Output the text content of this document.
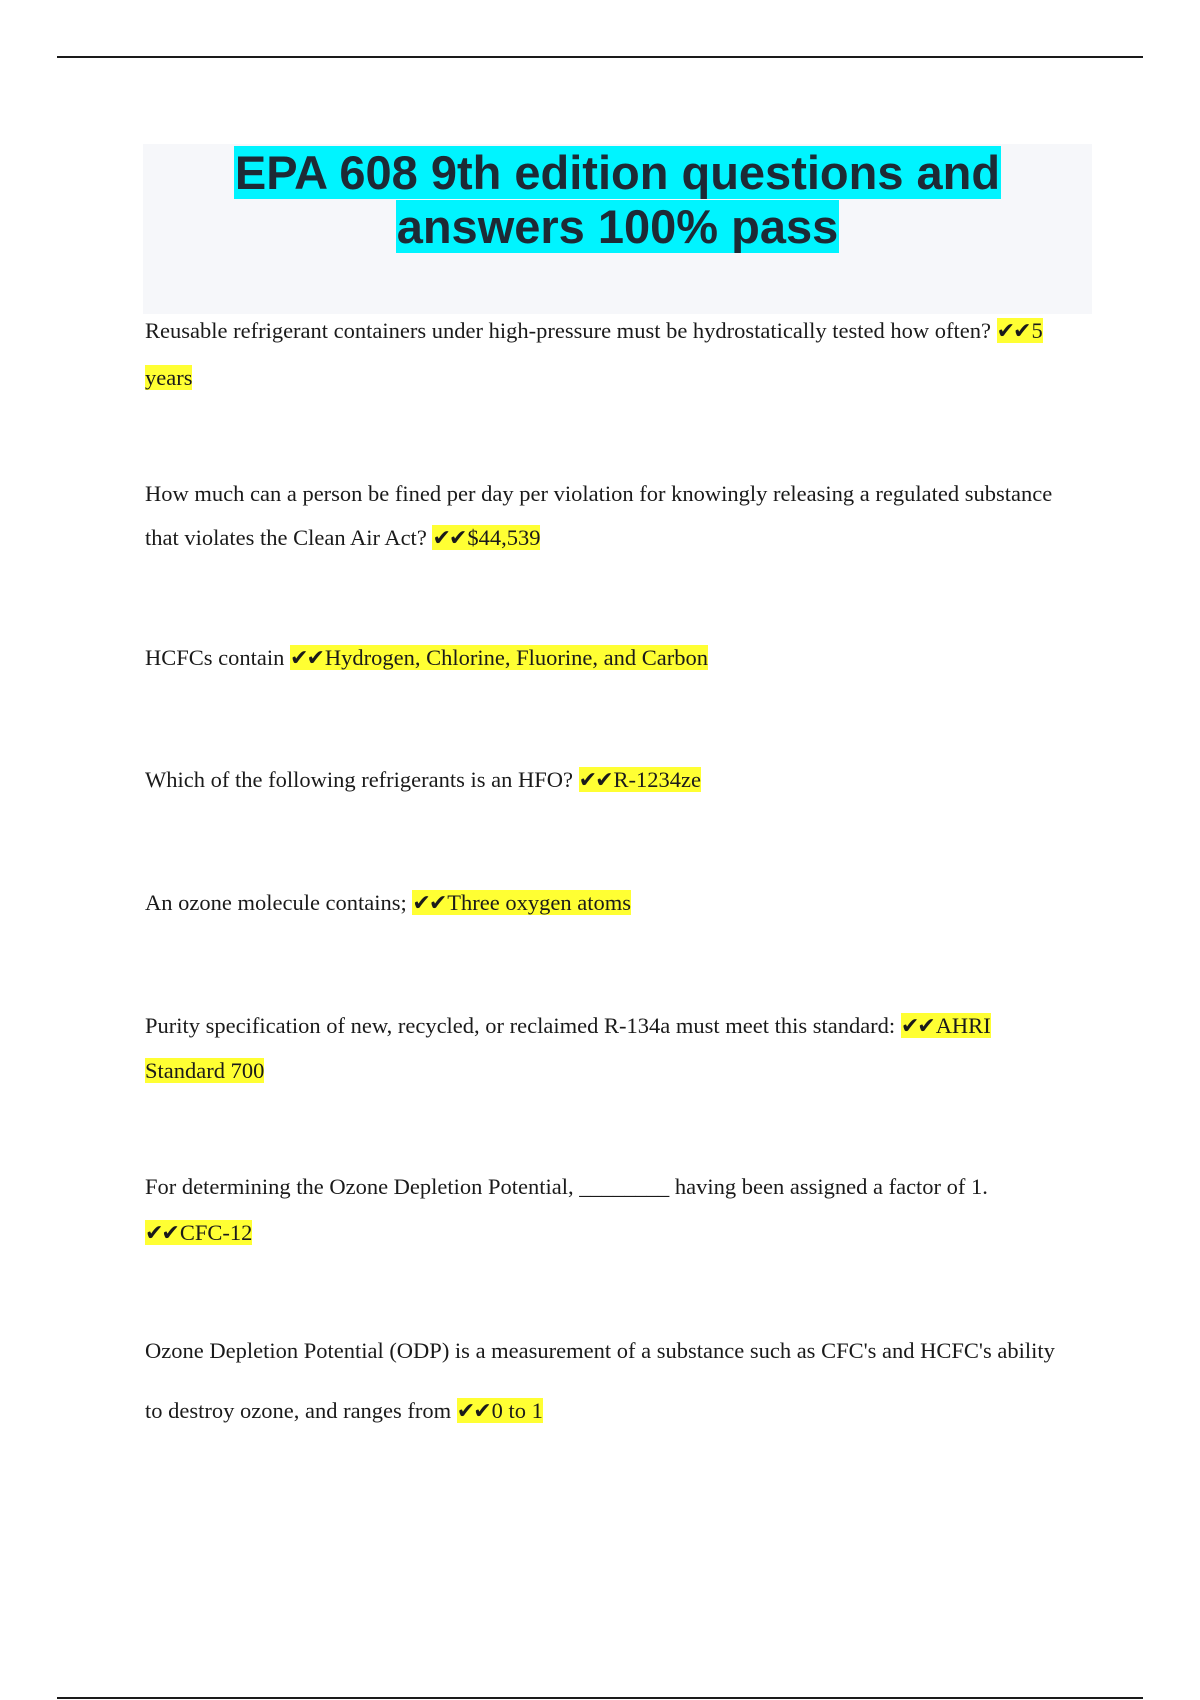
EPA 608 9th edition questions and
answers 100% pass

Reusable refrigerant containers under high-pressure must be hydrostatically tested how often? ✔✔5 years

How much can a person be fined per day per violation for knowingly releasing a regulated substance that violates the Clean Air Act? ✔✔$44,539

HCFCs contain ✔✔Hydrogen, Chlorine, Fluorine, and Carbon

Which of the following refrigerants is an HFO? ✔✔R-1234ze

An ozone molecule contains; ✔✔Three oxygen atoms

Purity specification of new, recycled, or reclaimed R-134a must meet this standard: ✔✔AHRI Standard 700

For determining the Ozone Depletion Potential, ________ having been assigned a factor of 1. ✔✔CFC-12

Ozone Depletion Potential (ODP) is a measurement of a substance such as CFC's and HCFC's ability to destroy ozone, and ranges from ✔✔0 to 1
